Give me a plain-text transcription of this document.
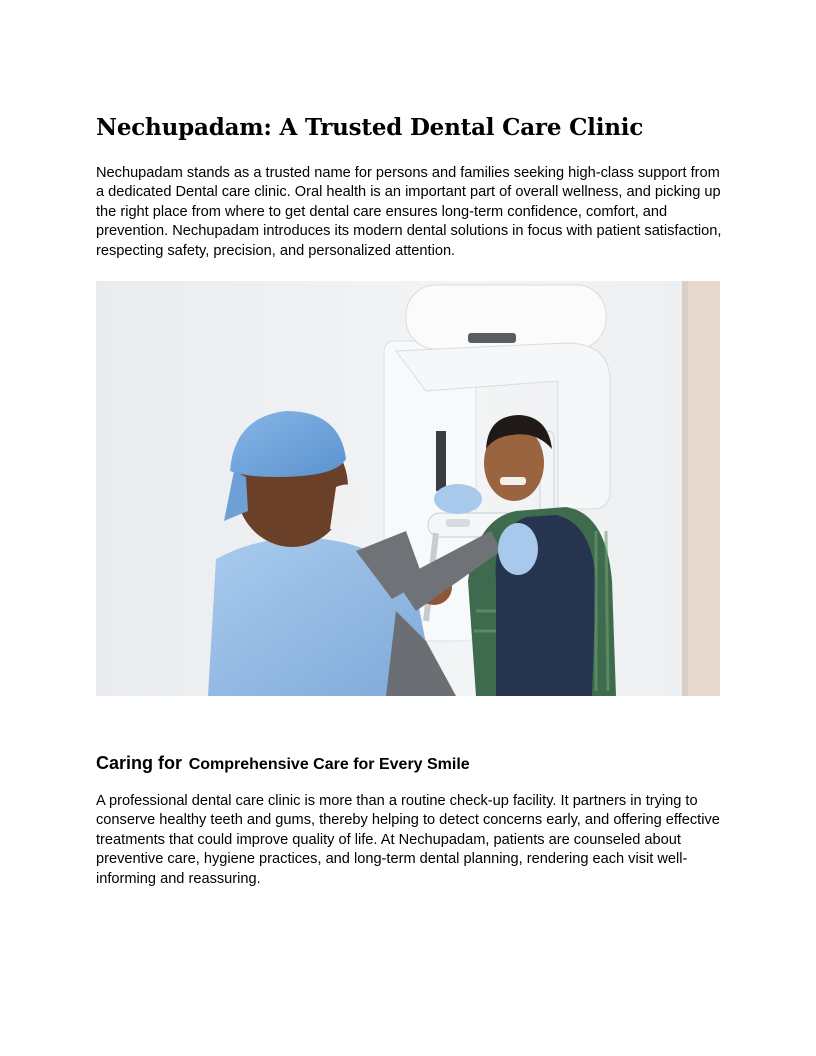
Nechupadam: A Trusted Dental Care Clinic

Nechupadam stands as a trusted name for persons and families seeking high-class support from a dedicated Dental care clinic. Oral health is an important part of overall wellness, and picking up the right place from where to get dental care ensures long-term confidence, comfort, and prevention. Nechupadam introduces its modern dental solutions in focus with patient satisfaction, respecting safety, precision, and personalized attention.

Caring for Comprehensive Care for Every Smile

A professional dental care clinic is more than a routine check-up facility. It partners in trying to conserve healthy teeth and gums, thereby helping to detect concerns early, and offering effective treatments that could improve quality of life. At Nechupadam, patients are counseled about preventive care, hygiene practices, and long-term dental planning, rendering each visit well-informing and reassuring.
